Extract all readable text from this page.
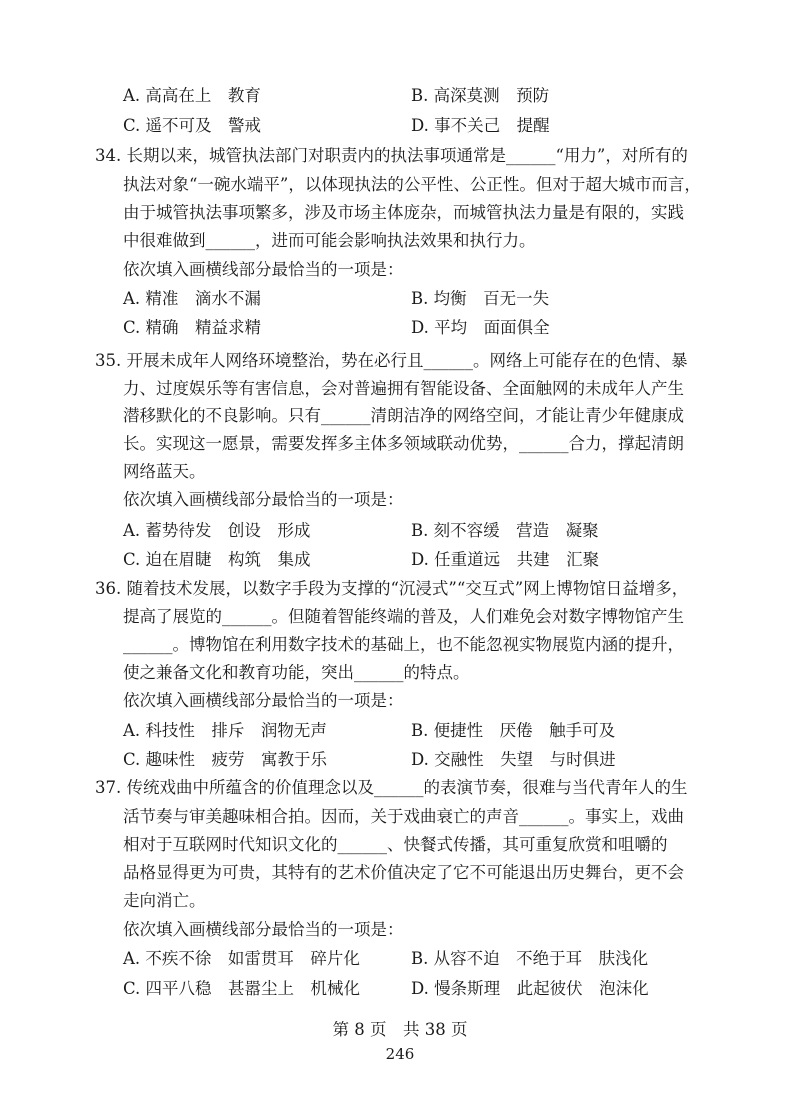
A. 高高在上　教育	B. 高深莫测　预防
C. 遥不可及　警戒	D. 事不关己　提醒
34. 长期以来，城管执法部门对职责内的执法事项通常是______“用力”，对所有的
执法对象“一碗水端平”，以体现执法的公平性、公正性。但对于超大城市而言，
由于城管执法事项繁多，涉及市场主体庞杂，而城管执法力量是有限的，实践
中很难做到______，进而可能会影响执法效果和执行力。
依次填入画横线部分最恰当的一项是：
A. 精准　滴水不漏	B. 均衡　百无一失
C. 精确　精益求精	D. 平均　面面俱全
35. 开展未成年人网络环境整治，势在必行且______。网络上可能存在的色情、暴
力、过度娱乐等有害信息，会对普遍拥有智能设备、全面触网的未成年人产生
潜移默化的不良影响。只有______清朗洁净的网络空间，才能让青少年健康成
长。实现这一愿景，需要发挥多主体多领域联动优势，______合力，撑起清朗
网络蓝天。
依次填入画横线部分最恰当的一项是：
A. 蓄势待发　创设　形成	B. 刻不容缓　营造　凝聚
C. 迫在眉睫　构筑　集成	D. 任重道远　共建　汇聚
36. 随着技术发展，以数字手段为支撑的“沉浸式”“交互式”网上博物馆日益增多，
提高了展览的______。但随着智能终端的普及，人们难免会对数字博物馆产生
______。博物馆在利用数字技术的基础上，也不能忽视实物展览内涵的提升，
使之兼备文化和教育功能，突出______的特点。
依次填入画横线部分最恰当的一项是：
A. 科技性　排斥　润物无声	B. 便捷性　厌倦　触手可及
C. 趣味性　疲劳　寓教于乐	D. 交融性　失望　与时俱进
37. 传统戏曲中所蕴含的价值理念以及______的表演节奏，很难与当代青年人的生
活节奏与审美趣味相合拍。因而，关于戏曲衰亡的声音______。事实上，戏曲
相对于互联网时代知识文化的______、快餐式传播，其可重复欣赏和咀嚼的
品格显得更为可贵，其特有的艺术价值决定了它不可能退出历史舞台，更不会
走向消亡。
依次填入画横线部分最恰当的一项是：
A. 不疾不徐　如雷贯耳　碎片化	B. 从容不迫　不绝于耳　肤浅化
C. 四平八稳　甚嚣尘上　机械化	D. 慢条斯理　此起彼伏　泡沫化
第 8 页　共 38 页
246
